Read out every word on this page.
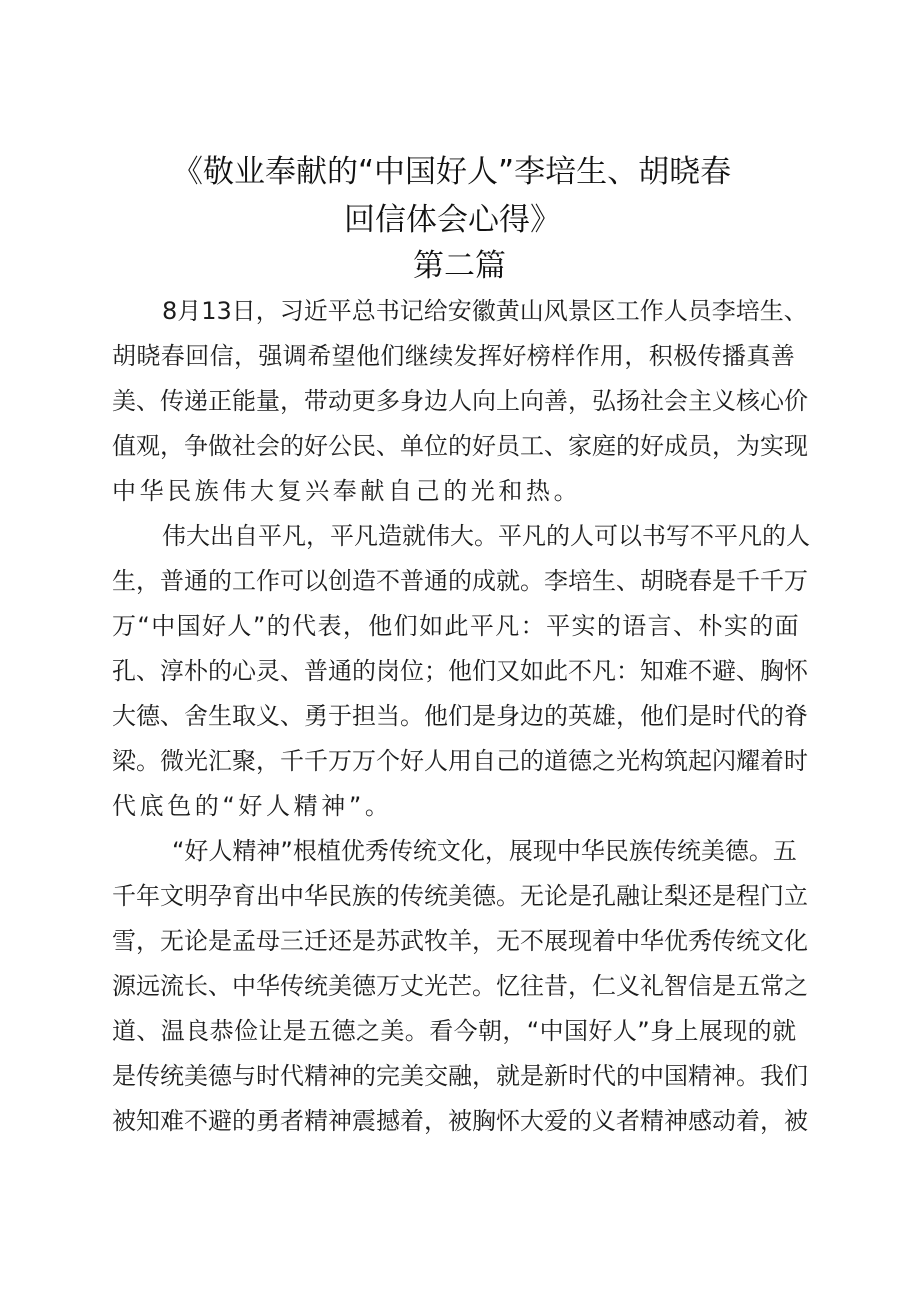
《敬业奉献的“中国好人”李培生、胡晓春
回信体会心得》
第二篇
8月13日，习近平总书记给安徽黄山风景区工作人员李培生、
胡晓春回信，强调希望他们继续发挥好榜样作用，积极传播真善
美、传递正能量，带动更多身边人向上向善，弘扬社会主义核心价
值观，争做社会的好公民、单位的好员工、家庭的好成员，为实现
中华民族伟大复兴奉献自己的光和热。
伟大出自平凡，平凡造就伟大。平凡的人可以书写不平凡的人
生，普通的工作可以创造不普通的成就。李培生、胡晓春是千千万
万“中国好人”的代表，他们如此平凡：平实的语言、朴实的面
孔、淳朴的心灵、普通的岗位；他们又如此不凡：知难不避、胸怀
大德、舍生取义、勇于担当。他们是身边的英雄，他们是时代的脊
梁。微光汇聚，千千万万个好人用自己的道德之光构筑起闪耀着时
代底色的“好人精神”。
“好人精神”根植优秀传统文化，展现中华民族传统美德。五
千年文明孕育出中华民族的传统美德。无论是孔融让梨还是程门立
雪，无论是孟母三迁还是苏武牧羊，无不展现着中华优秀传统文化
源远流长、中华传统美德万丈光芒。忆往昔，仁义礼智信是五常之
道、温良恭俭让是五德之美。看今朝，“中国好人”身上展现的就
是传统美德与时代精神的完美交融，就是新时代的中国精神。我们
被知难不避的勇者精神震撼着，被胸怀大爱的义者精神感动着，被
